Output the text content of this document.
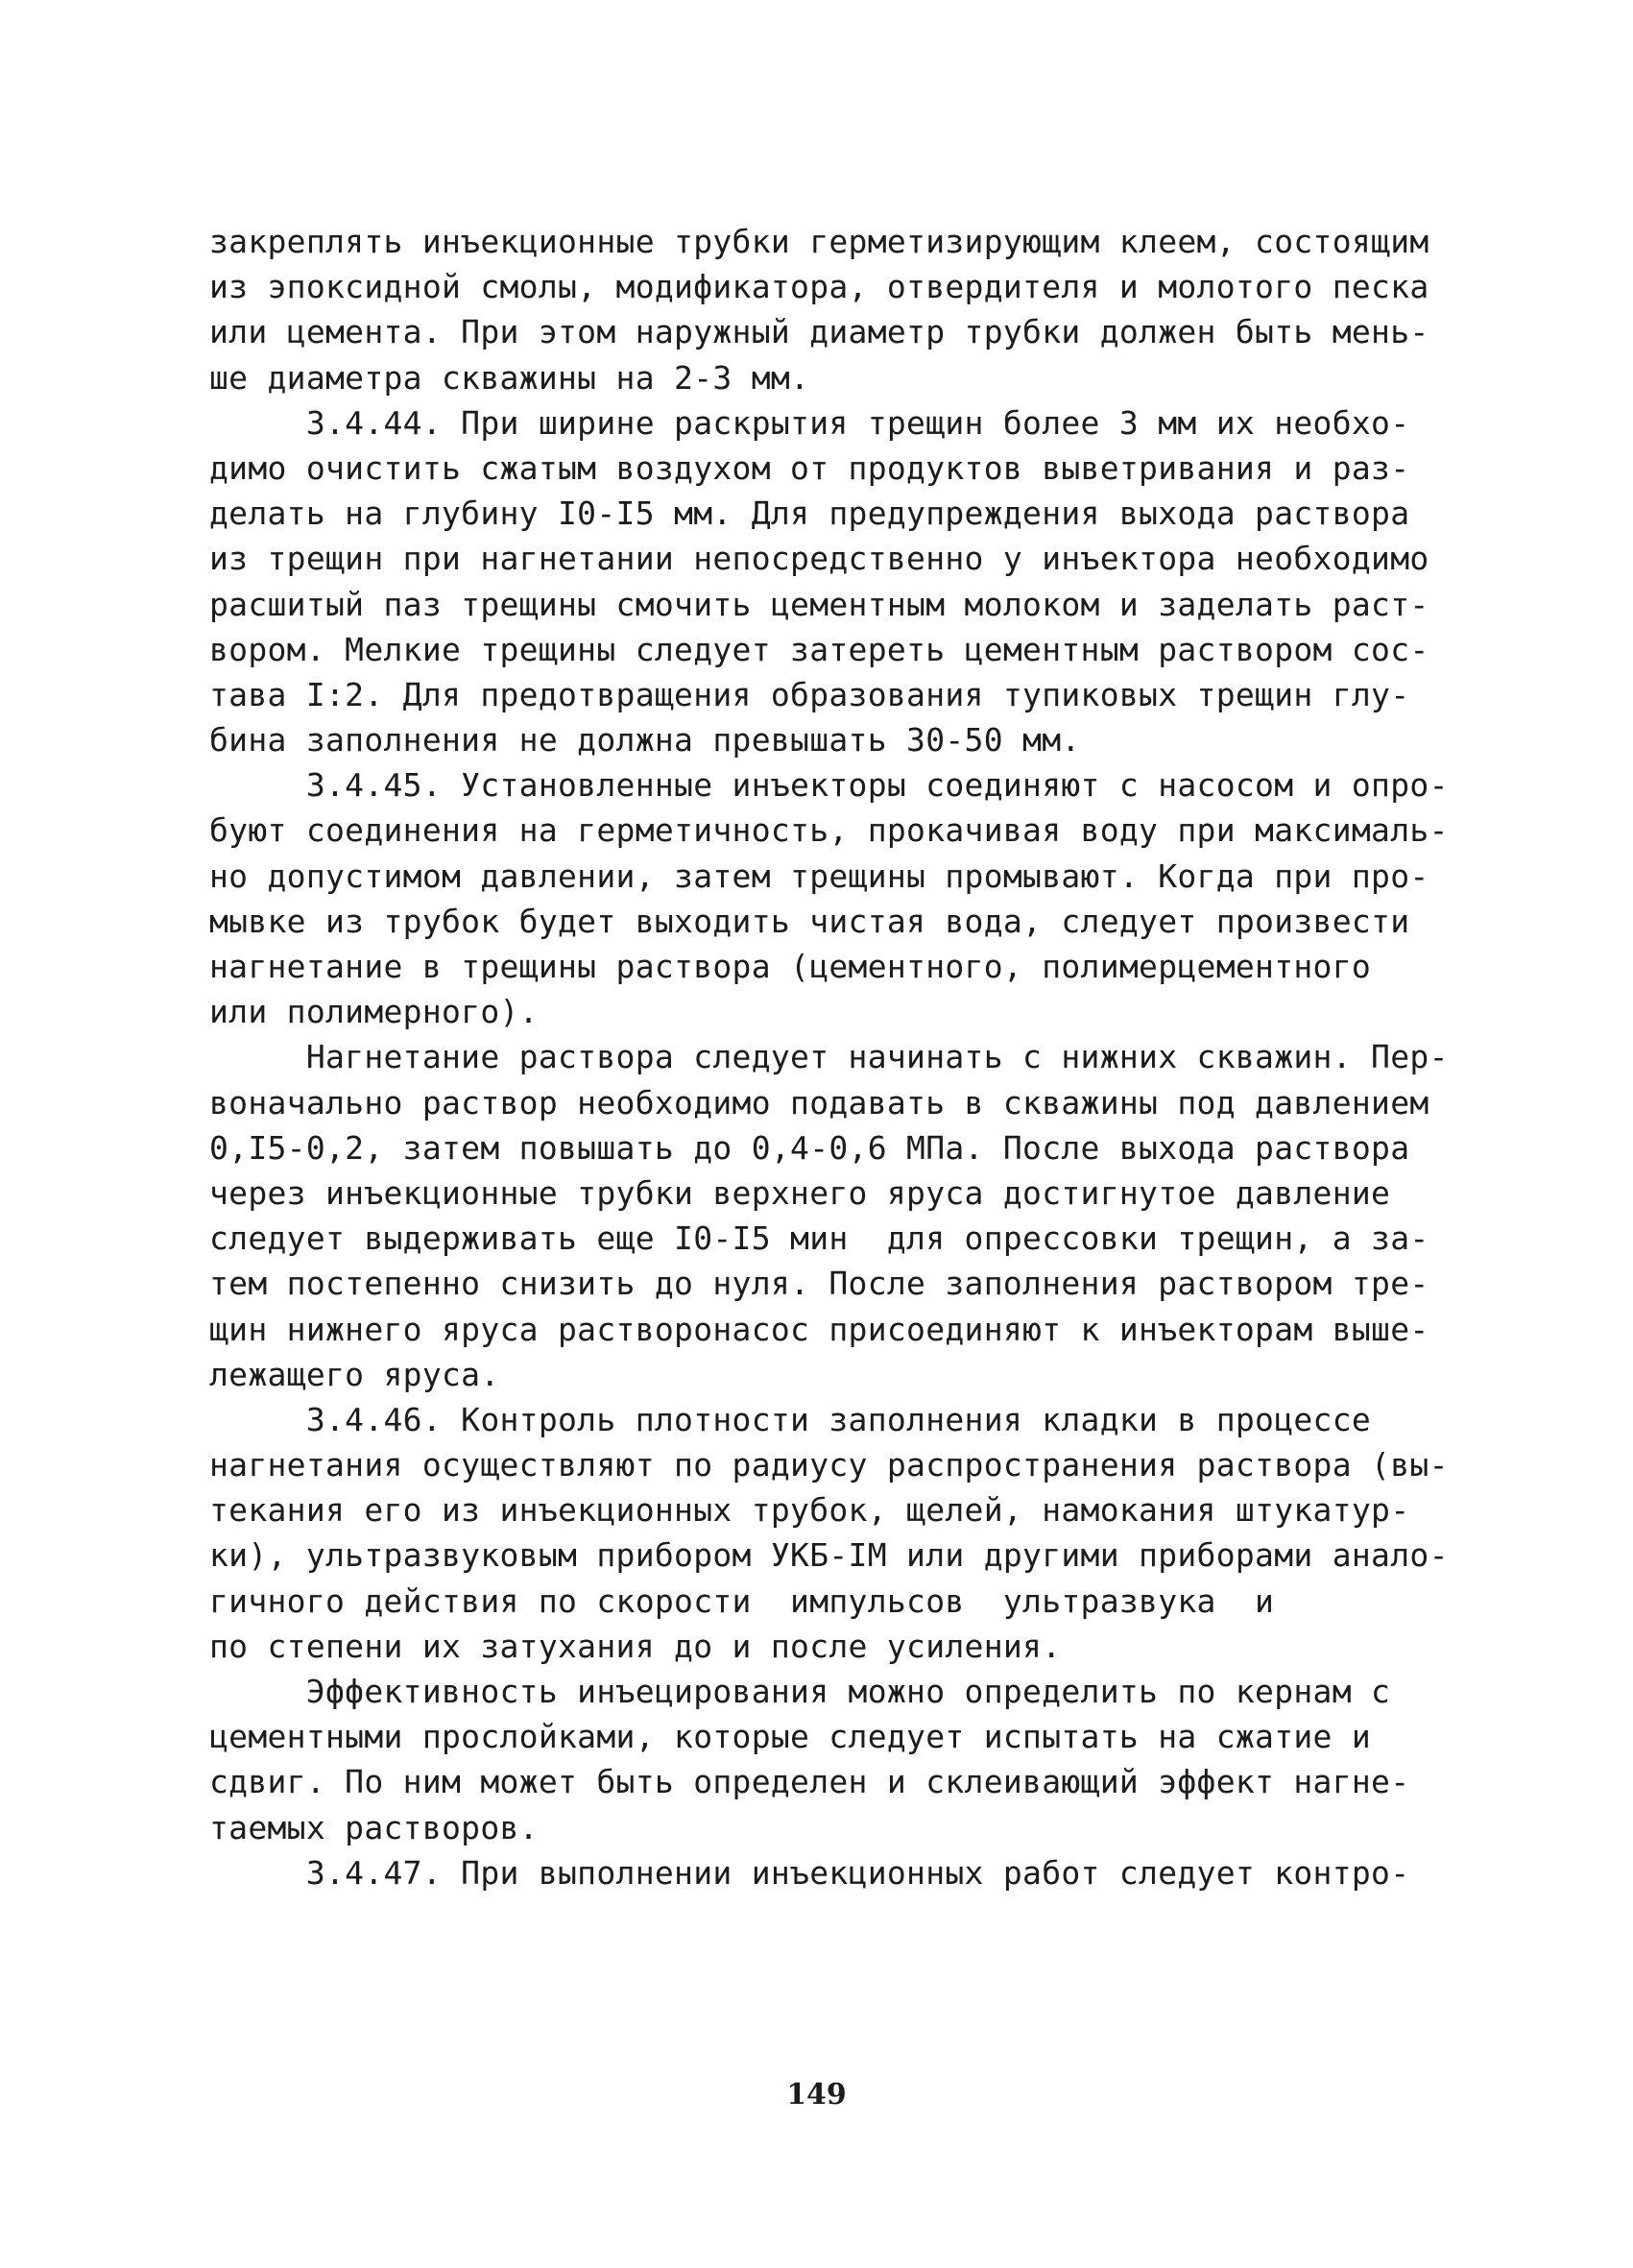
закреплять инъекционные трубки герметизирующим клеем, состоящим
из эпоксидной смолы, модификатора, отвердителя и молотого песка
или цемента. При этом наружный диаметр трубки должен быть мень-
ше диаметра скважины на 2-3 мм.
3.4.44. При ширине раскрытия трещин более 3 мм их необхо-
димо очистить сжатым воздухом от продуктов выветривания и раз-
делать на глубину I0-I5 мм. Для предупреждения выхода раствора
из трещин при нагнетании непосредственно у инъектора необходимо
расшитый паз трещины смочить цементным молоком и заделать раст-
вором. Мелкие трещины следует затереть цементным раствором сос-
тава I:2. Для предотвращения образования тупиковых трещин глу-
бина заполнения не должна превышать 30-50 мм.
3.4.45. Установленные инъекторы соединяют с насосом и опро-
буют соединения на герметичность, прокачивая воду при максималь-
но допустимом давлении, затем трещины промывают. Когда при про-
мывке из трубок будет выходить чистая вода, следует произвести
нагнетание в трещины раствора (цементного, полимерцементного
или полимерного).
Нагнетание раствора следует начинать с нижних скважин. Пер-
воначально раствор необходимо подавать в скважины под давлением
0,I5-0,2, затем повышать до 0,4-0,6 МПа. После выхода раствора
через инъекционные трубки верхнего яруса достигнутое давление
следует выдерживать еще I0-I5 мин  для опрессовки трещин, а за-
тем постепенно снизить до нуля. После заполнения раствором тре-
щин нижнего яруса растворонасос присоединяют к инъекторам выше-
лежащего яруса.
3.4.46. Контроль плотности заполнения кладки в процессе
нагнетания осуществляют по радиусу распространения раствора (вы-
текания его из инъекционных трубок, щелей, намокания штукатур-
ки), ультразвуковым прибором УКБ-IМ или другими приборами анало-
гичного действия по скорости  импульсов  ультразвука  и
по степени их затухания до и после усиления.
Эффективность инъецирования можно определить по кернам с
цементными прослойками, которые следует испытать на сжатие и
сдвиг. По ним может быть определен и склеивающий эффект нагне-
таемых растворов.
3.4.47. При выполнении инъекционных работ следует контро-
149
